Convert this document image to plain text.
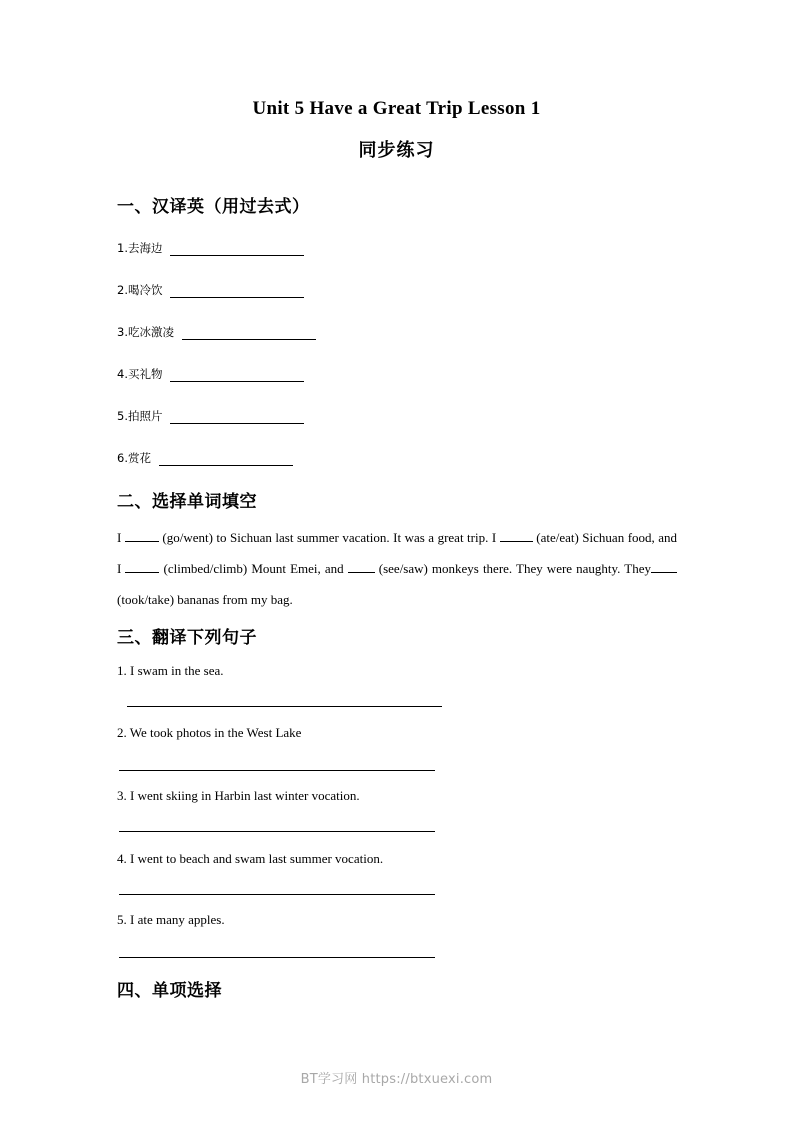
Unit 5 Have a Great Trip Lesson 1
同步练习
一、汉译英（用过去式）
1.去海边
2.喝冷饮
3.吃冰激凌
4.买礼物
5.拍照片
6.赏花
二、选择单词填空
I	(go/went) to Sichuan last summer vacation. It was a great trip. I	(ate/eat) Sichuan food, and I	(climbed/climb) Mount Emei, and	(see/saw) monkeys there. They were naughty. They (took/take) bananas from my bag.
三、翻译下列句子
1. I swam in the sea.
2. We took photos in the West Lake
3. I went skiing in Harbin last winter vocation.
4. I went to beach and swam last summer vocation.
5. I ate many apples.
四、单项选择
BT学习网 https://btxuexi.com
